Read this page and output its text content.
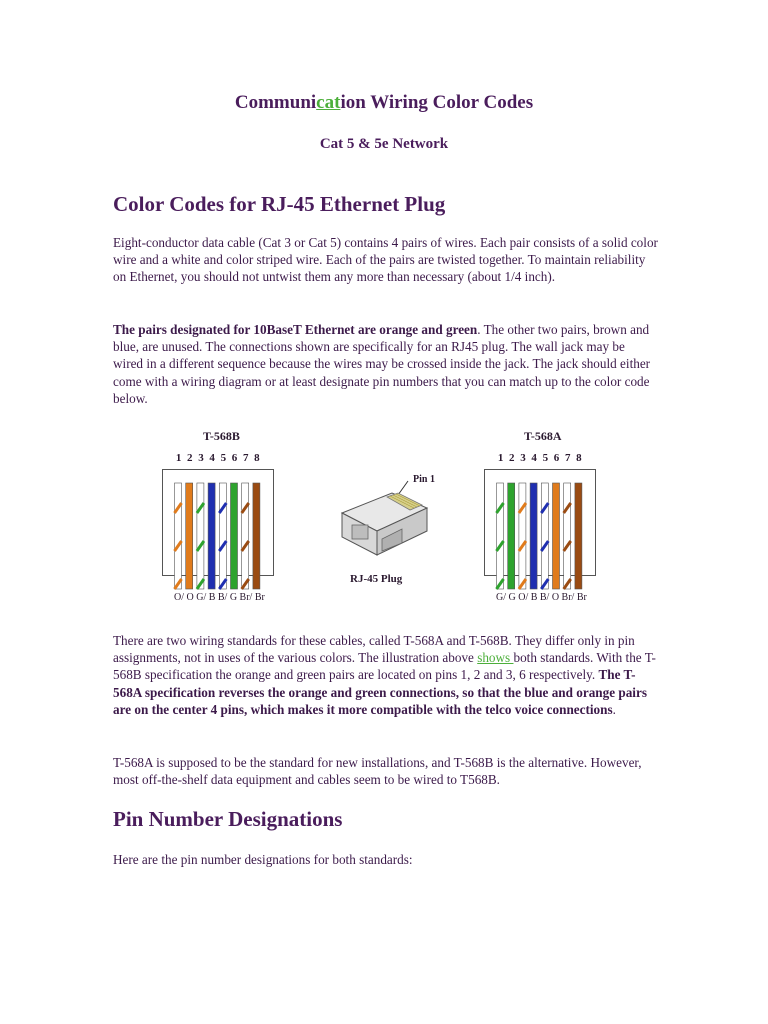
Communication Wiring Color Codes
Cat 5 & 5e Network
Color Codes for RJ-45 Ethernet Plug

Eight-conductor data cable (Cat 3 or Cat 5) contains 4 pairs of wires. Each pair consists of a solid color wire and a white and color striped wire. Each of the pairs are twisted together. To maintain reliability on Ethernet, you should not untwist them any more than necessary (about 1/4 inch).

The pairs designated for 10BaseT Ethernet are orange and green. The other two pairs, brown and blue, are unused. The connections shown are specifically for an RJ45 plug. The wall jack may be wired in a different sequence because the wires may be crossed inside the jack. The jack should either come with a wiring diagram or at least designate pin numbers that you can match up to the color code below.

T-568B
1 2 3 4 5 6 7 8
O/ O G/ B B/ G Br/ Br
Pin 1
RJ-45 Plug
T-568A
1 2 3 4 5 6 7 8
G/ G O/ B B/ O Br/ Br

There are two wiring standards for these cables, called T-568A and T-568B. They differ only in pin assignments, not in uses of the various colors. The illustration above shows both standards. With the T-568B specification the orange and green pairs are located on pins 1, 2 and 3, 6 respectively. The T-568A specification reverses the orange and green connections, so that the blue and orange pairs are on the center 4 pins, which makes it more compatible with the telco voice connections.

T-568A is supposed to be the standard for new installations, and T-568B is the alternative. However, most off-the-shelf data equipment and cables seem to be wired to T568B.

Pin Number Designations

Here are the pin number designations for both standards:
